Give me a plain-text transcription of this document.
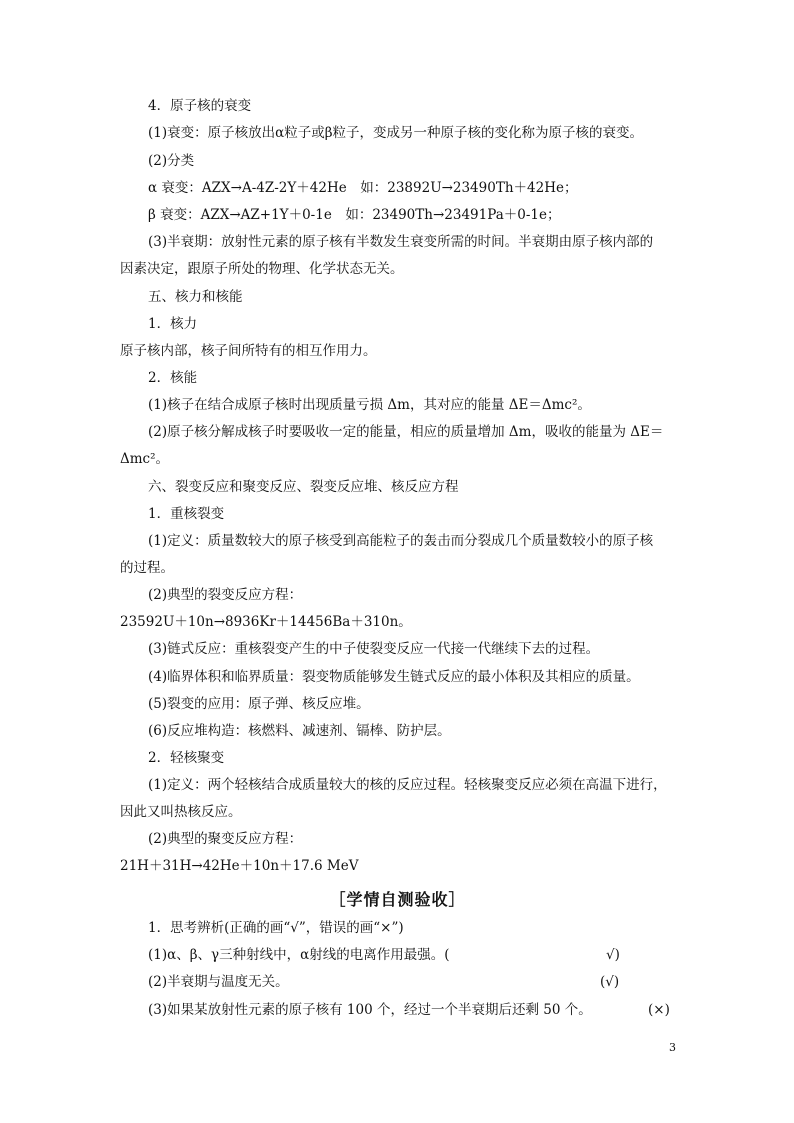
4．原子核的衰变
(1)衰变：原子核放出α粒子或β粒子，变成另一种原子核的变化称为原子核的衰变。
(2)分类
α 衰变：AZX→A-4Z-2Y＋42He　如：23892U→23490Th＋42He；
β 衰变：AZX→AZ+1Y＋0-1e　如：23490Th→23491Pa＋0-1e；
(3)半衰期：放射性元素的原子核有半数发生衰变所需的时间。半衰期由原子核内部的
因素决定，跟原子所处的物理、化学状态无关。
五、核力和核能
1．核力
原子核内部，核子间所特有的相互作用力。
2．核能
(1)核子在结合成原子核时出现质量亏损 Δm，其对应的能量 ΔE＝Δmc²。
(2)原子核分解成核子时要吸收一定的能量，相应的质量增加 Δm，吸收的能量为 ΔE＝
Δmc²。
六、裂变反应和聚变反应、裂变反应堆、核反应方程
1．重核裂变
(1)定义：质量数较大的原子核受到高能粒子的轰击而分裂成几个质量数较小的原子核
的过程。
(2)典型的裂变反应方程：
23592U＋10n→8936Kr＋14456Ba＋310n。
(3)链式反应：重核裂变产生的中子使裂变反应一代接一代继续下去的过程。
(4)临界体积和临界质量：裂变物质能够发生链式反应的最小体积及其相应的质量。
(5)裂变的应用：原子弹、核反应堆。
(6)反应堆构造：核燃料、减速剂、镉棒、防护层。
2．轻核聚变
(1)定义：两个轻核结合成质量较大的核的反应过程。轻核聚变反应必须在高温下进行，
因此又叫热核反应。
(2)典型的聚变反应方程：
21H＋31H→42He＋10n＋17.6 MeV
［学情自测验收］
1．思考辨析(正确的画“√”，错误的画“×”)
(1)α、β、γ三种射线中，α射线的电离作用最强。(	√)
(2)半衰期与温度无关。	(√)
(3)如果某放射性元素的原子核有 100 个，经过一个半衰期后还剩 50 个。	(×)
3
